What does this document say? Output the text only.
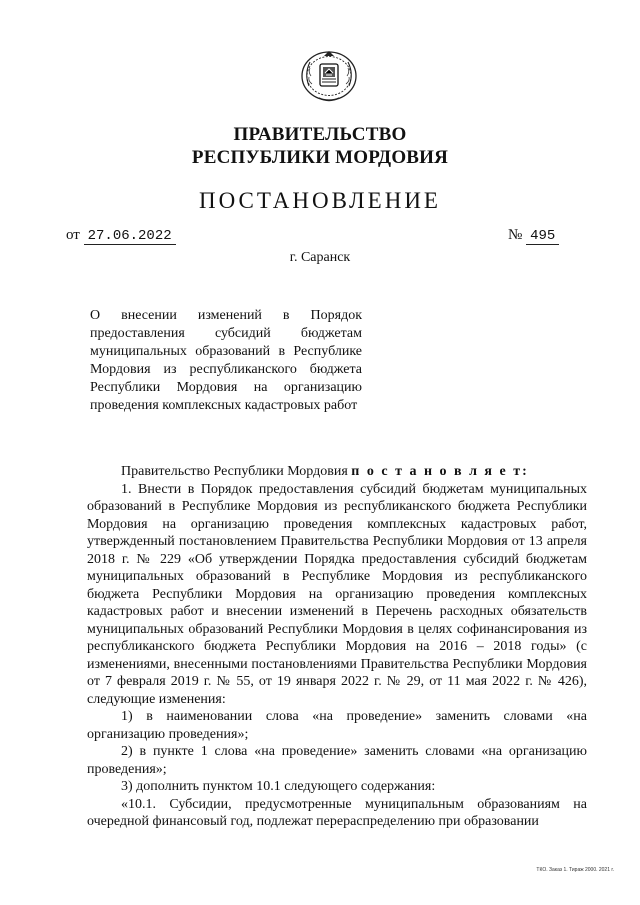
ПРАВИТЕЛЬСТВО
РЕСПУБЛИКИ МОРДОВИЯ
ПОСТАНОВЛЕНИЕ
от 27.06.2022	№ 495
г. Саранск
О внесении изменений в Порядок предоставления субсидий бюджетам муниципальных образований в Республике Мордовия из республиканского бюджета Республики Мордовия на организацию проведения комплексных кадастровых работ

Правительство Республики Мордовия п о с т а н о в л я е т:

1. Внести в Порядок предоставления субсидий бюджетам муниципальных образований в Республике Мордовия из республиканского бюджета Республики Мордовия на организацию проведения комплексных кадастровых работ, утвержденный постановлением Правительства Республики Мордовия от 13 апреля 2018 г. № 229 «Об утверждении Порядка предоставления субсидий бюджетам муниципальных образований в Республике Мордовия из республиканского бюджета Республики Мордовия на организацию проведения комплексных кадастровых работ и внесении изменений в Перечень расходных обязательств муниципальных образований Республики Мордовия в целях софинансирования из республиканского бюджета Республики Мордовия на 2016 – 2018 годы» (с изменениями, внесенными постановлениями Правительства Республики Мордовия от 7 февраля 2019 г. № 55, от 19 января 2022 г. № 29, от 11 мая 2022 г. № 426), следующие изменения:

1) в наименовании слова «на проведение» заменить словами «на организацию проведения»;

2) в пункте 1 слова «на проведение» заменить словами «на организацию проведения»;

3) дополнить пунктом 10.1 следующего содержания:

«10.1. Субсидии, предусмотренные муниципальным образованиям на очередной финансовый год, подлежат перераспределению при образовании

ТКО. Заказ 1. Тираж 2000. 2021 г.
